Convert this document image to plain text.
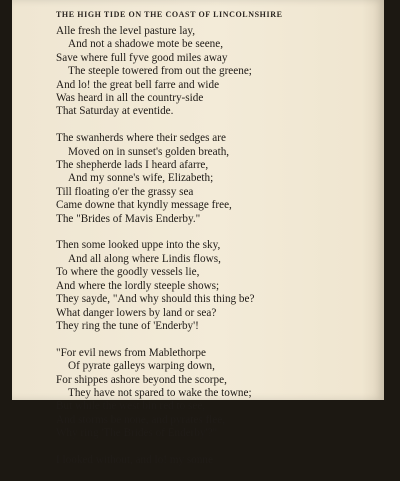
THE HIGH TIDE ON THE COAST OF LINCOLNSHIRE
Alle fresh the level pasture lay,
And not a shadowe mote be seene,
Save where full fyve good miles away
The steeple towered from out the greene;
And lo! the great bell farre and wide
Was heard in all the country-side
That Saturday at eventide.
The swanherds where their sedges are
Moved on in sunset's golden breath,
The shepherde lads I heard afarre,
And my sonne's wife, Elizabeth;
Till floating o'er the grassy sea
Came downe that kyndly message free,
The "Brides of Mavis Enderby."
Then some looked uppe into the sky,
And all along where Lindis flows,
To where the goodly vessels lie,
And where the lordly steeple shows;
They sayde, "And why should this thing be?
What danger lowers by land or sea?
They ring the tune of 'Enderby'!
"For evil news from Mablethorpe
Of pyrate galleys warping down,
For shippes ashore beyond the scorpe,
They have not spared to wake the towne;
But while the west bin red to see,
And storms be none, and pyrates flee,
Why ring 'The Brides of Enderby'?"
I looked without, and lo! my sonne
